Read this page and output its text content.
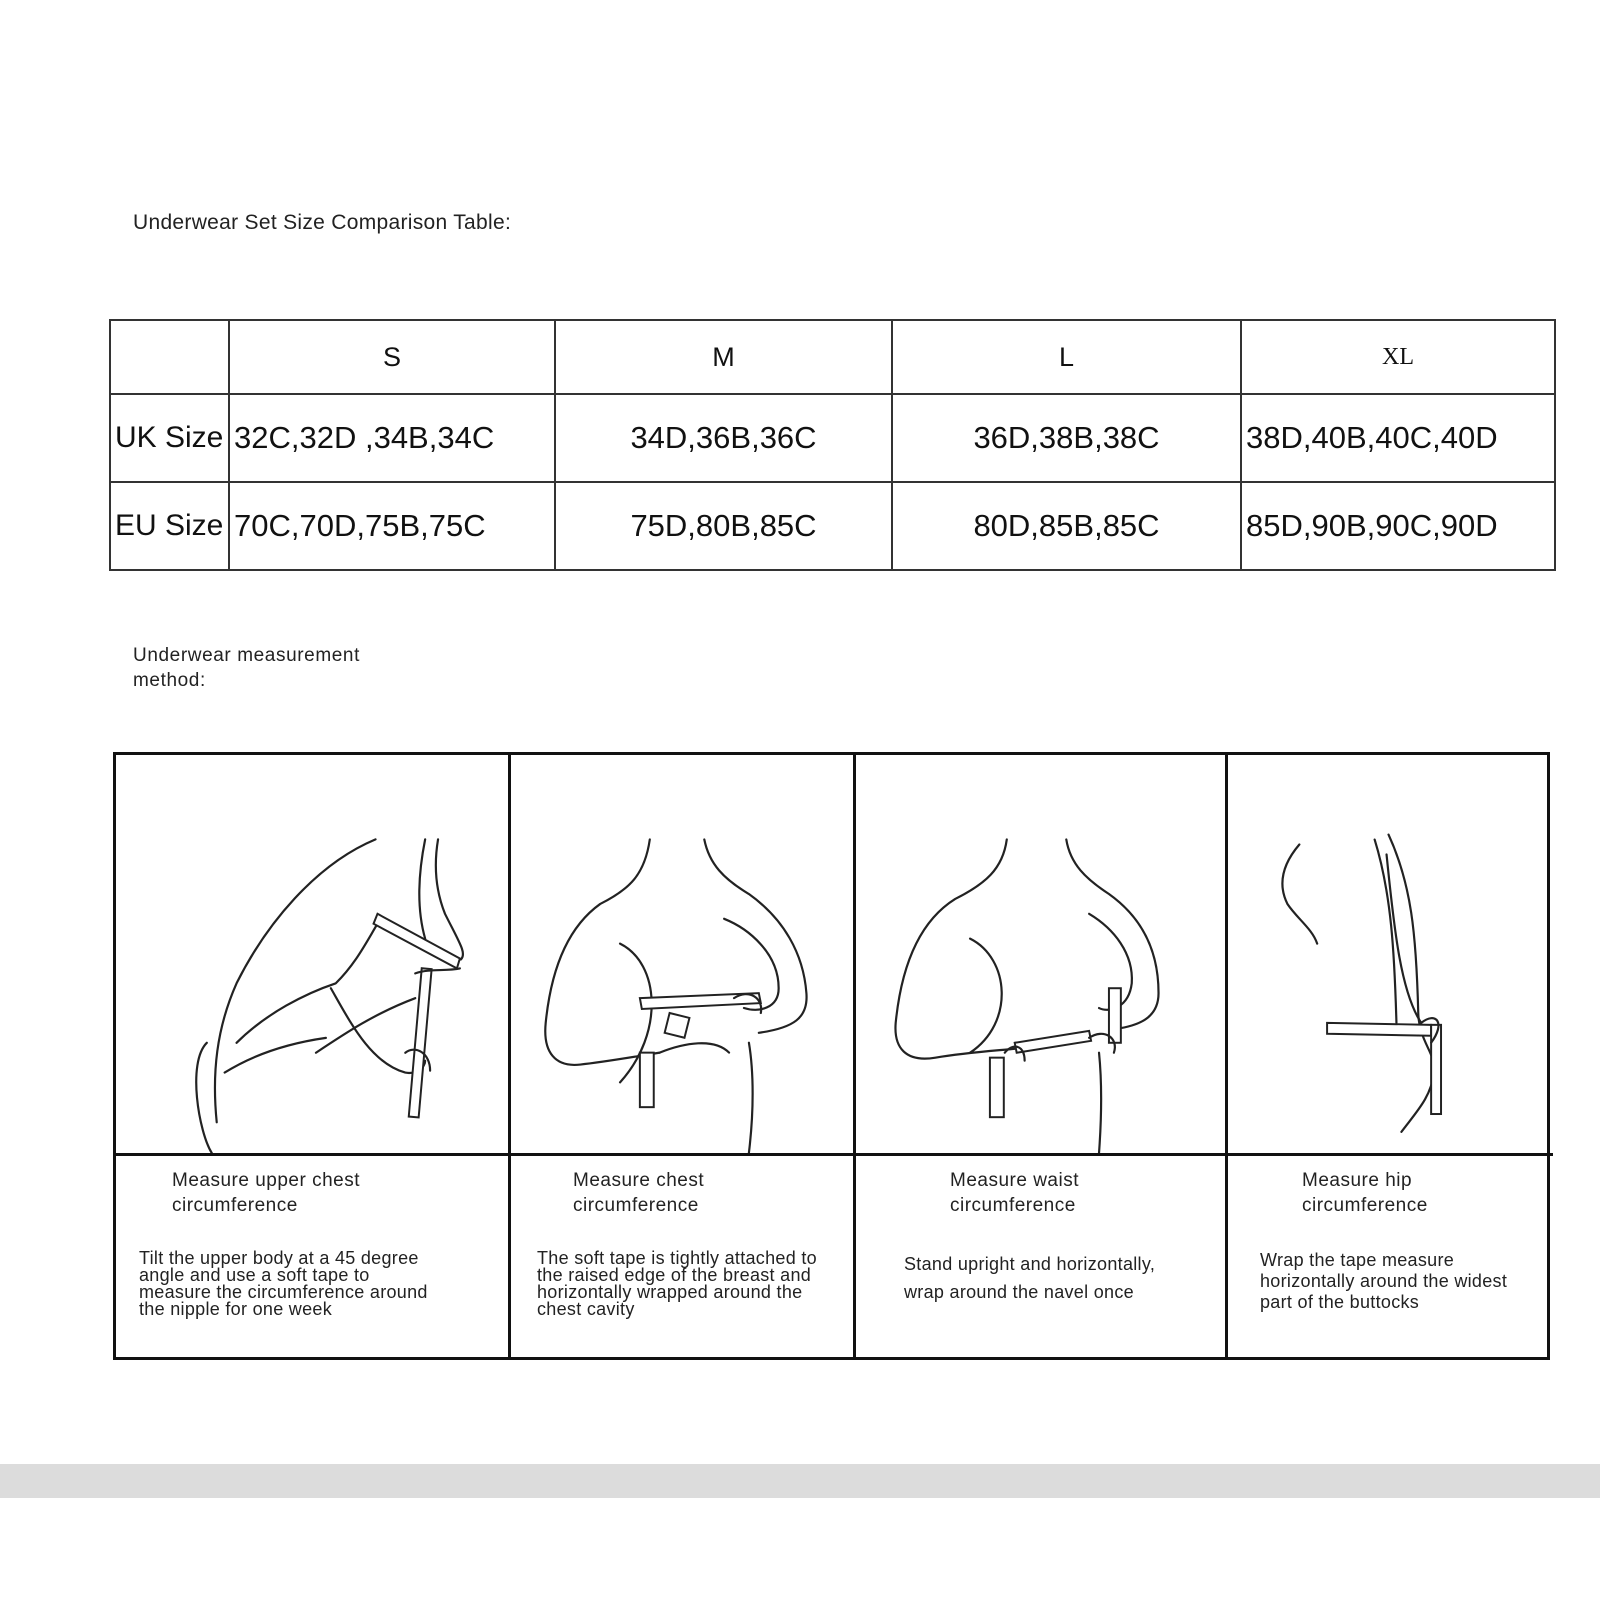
Underwear Set Size Comparison Table:
	S	M	L	XL
UK Size	32C,32D ,34B,34C	34D,36B,36C	36D,38B,38C	38D,40B,40C,40D
EU Size	70C,70D,75B,75C	75D,80B,85C	80D,85B,85C	85D,90B,90C,90D
Underwear measurement method:
Measure upper chest circumference
Tilt the upper body at a 45 degree angle and use a soft tape to measure the circumference around the nipple for one week
Measure chest circumference
The soft tape is tightly attached to the raised edge of the breast and horizontally wrapped around the chest cavity
Measure waist circumference
Stand upright and horizontally, wrap around the navel once
Measure hip circumference
Wrap the tape measure horizontally around the widest part of the buttocks
